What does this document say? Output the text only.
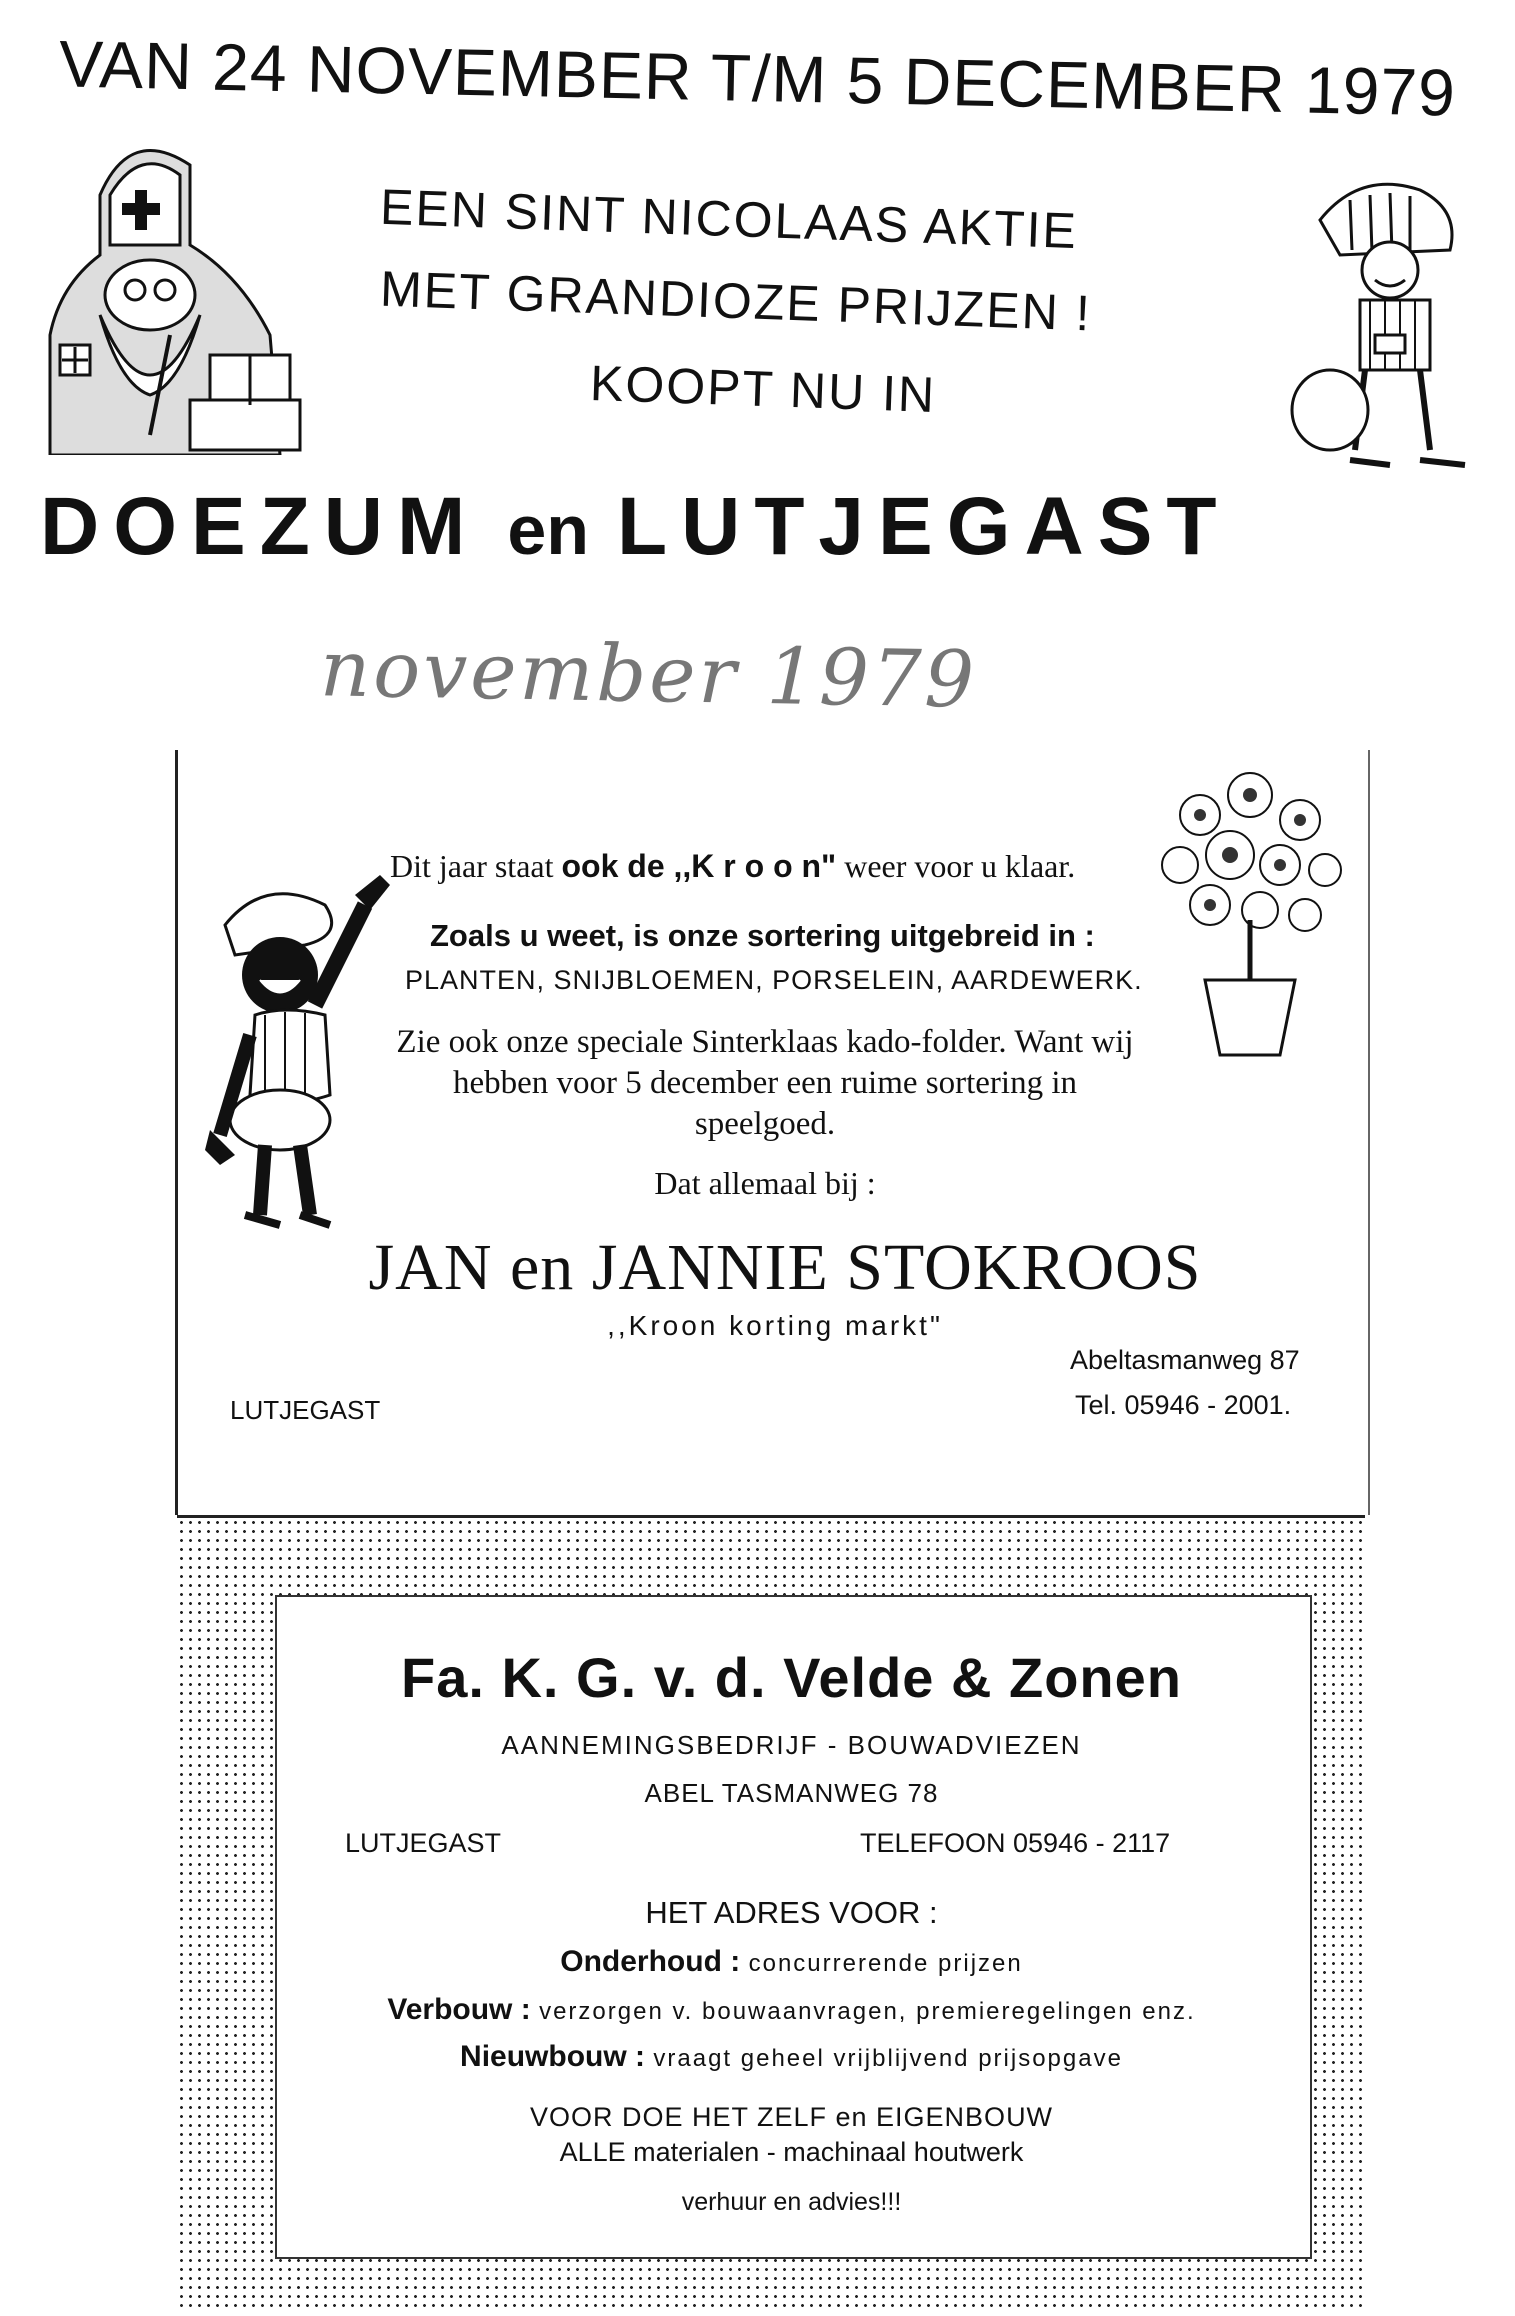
VAN 24 NOVEMBER T/M 5 DECEMBER 1979
EEN SINT NICOLAAS AKTIE
MET GRANDIOZE PRIJZEN !
KOOPT NU IN
DOEZUM en LUTJEGAST
november 1979
Dit jaar staat ook de ,,K r o o n" weer voor u klaar.
Zoals u weet, is onze sortering uitgebreid in :
PLANTEN, SNIJBLOEMEN, PORSELEIN, AARDEWERK.
Zie ook onze speciale Sinterklaas kado-folder. Want wij hebben voor 5 december een ruime sortering in speelgoed.
Dat allemaal bij :
JAN en JANNIE STOKROOS
,,Kroon korting markt"
Abeltasmanweg 87
LUTJEGAST	Tel. 05946 - 2001.
Fa. K. G. v. d. Velde & Zonen
AANNEMINGSBEDRIJF - BOUWADVIEZEN
ABEL TASMANWEG 78
LUTJEGAST	TELEFOON 05946 - 2117
HET ADRES VOOR :
Onderhoud : concurrerende prijzen
Verbouw : verzorgen v. bouwaanvragen, premieregelingen enz.
Nieuwbouw : vraagt geheel vrijblijvend prijsopgave
VOOR DOE HET ZELF en EIGENBOUW
ALLE materialen - machinaal houtwerk
verhuur en advies!!!
